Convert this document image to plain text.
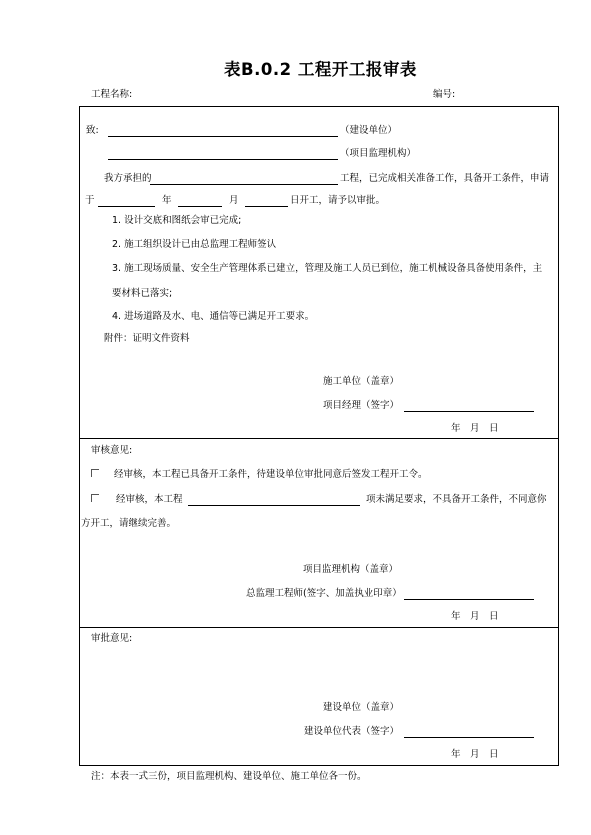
表B.0.2 工程开工报审表
工程名称:	编号:
致:	（建设单位）
（项目监理机构）
我方承担的	工程，已完成相关准备工作，具备开工条件，申请
于	年	月	日开工，请予以审批。
1. 设计交底和图纸会审已完成;
2. 施工组织设计已由总监理工程师签认
3. 施工现场质量、安全生产管理体系已建立，管理及施工人员已到位，施工机械设备具备使用条件，主
要材料已落实;
4. 进场道路及水、电、通信等已满足开工要求。
附件：证明文件资料
施工单位（盖章）
项目经理（签字）
年　月　日
审核意见:
经审核，本工程已具备开工条件，待建设单位审批同意后签发工程开工令。
经审核，本工程	项未满足要求，不具备开工条件，不同意你
方开工，请继续完善。
项目监理机构（盖章）
总监理工程师(签字、加盖执业印章）
年　月　日
审批意见:
建设单位（盖章）
建设单位代表（签字）
年　月　日
注：本表一式三份，项目监理机构、建设单位、施工单位各一份。
